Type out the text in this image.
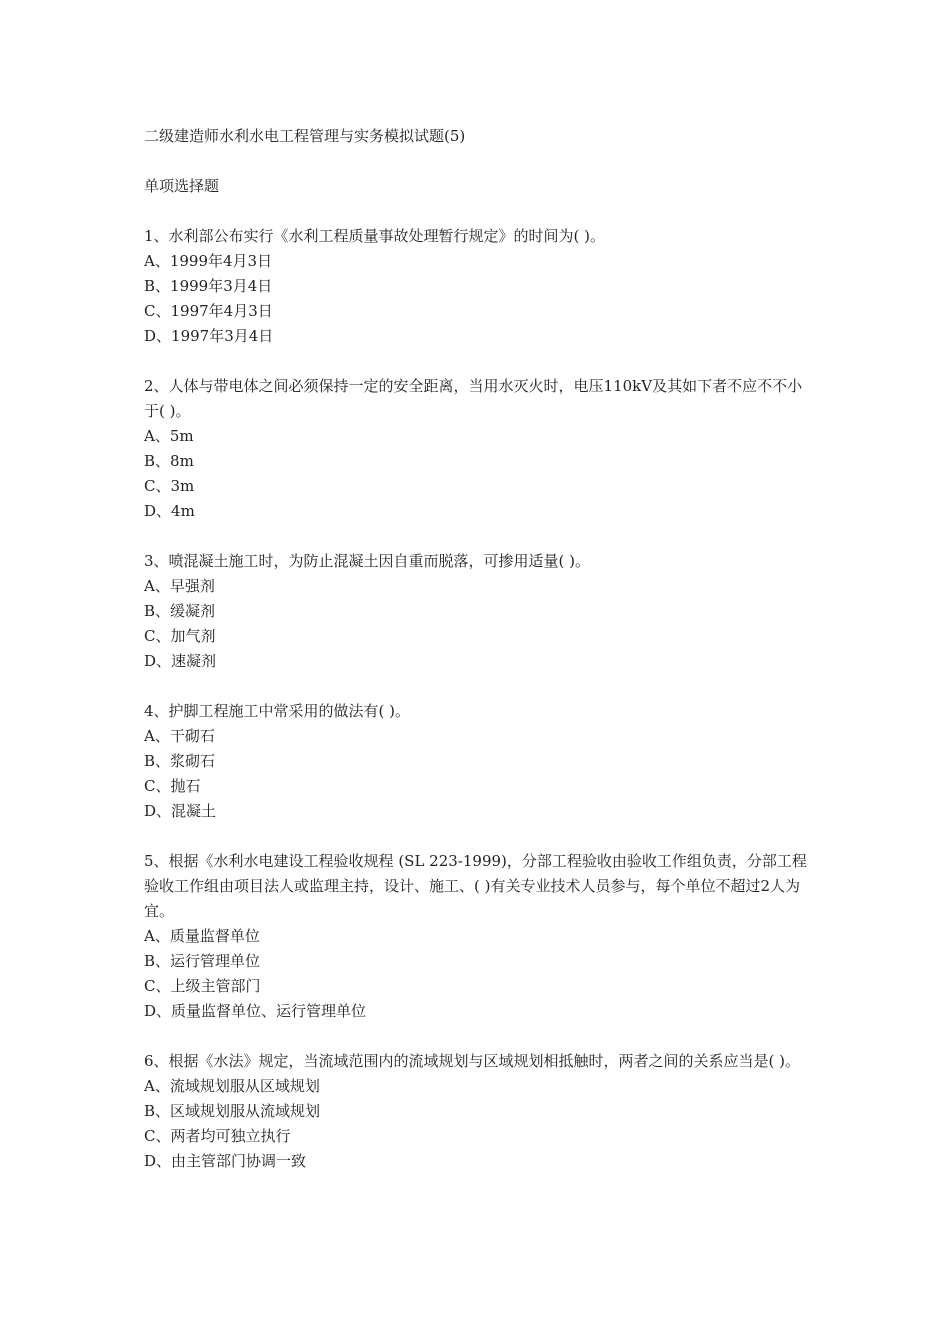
二级建造师水利水电工程管理与实务模拟试题(5)

单项选择题

1、水利部公布实行《水利工程质量事故处理暂行规定》的时间为( )。

A、1999年4月3日

B、1999年3月4日

C、1997年4月3日

D、1997年3月4日

2、人体与带电体之间必须保持一定的安全距离，当用水灭火时，电压110kV及其如下者不应不不小于( )。

A、5m

B、8m

C、3m

D、4m

3、喷混凝土施工时，为防止混凝土因自重而脱落，可掺用适量( )。

A、早强剂

B、缓凝剂

C、加气剂

D、速凝剂

4、护脚工程施工中常采用的做法有( )。

A、干砌石

B、浆砌石

C、抛石

D、混凝土

5、根据《水利水电建设工程验收规程 (SL 223-1999)，分部工程验收由验收工作组负责，分部工程验收工作组由项目法人或监理主持，设计、施工、( )有关专业技术人员参与，每个单位不超过2人为宜。

A、质量监督单位

B、运行管理单位

C、上级主管部门

D、质量监督单位、运行管理单位

6、根据《水法》规定，当流域范围内的流域规划与区域规划相抵触时，两者之间的关系应当是( )。

A、流域规划服从区域规划

B、区域规划服从流域规划

C、两者均可独立执行

D、由主管部门协调一致
